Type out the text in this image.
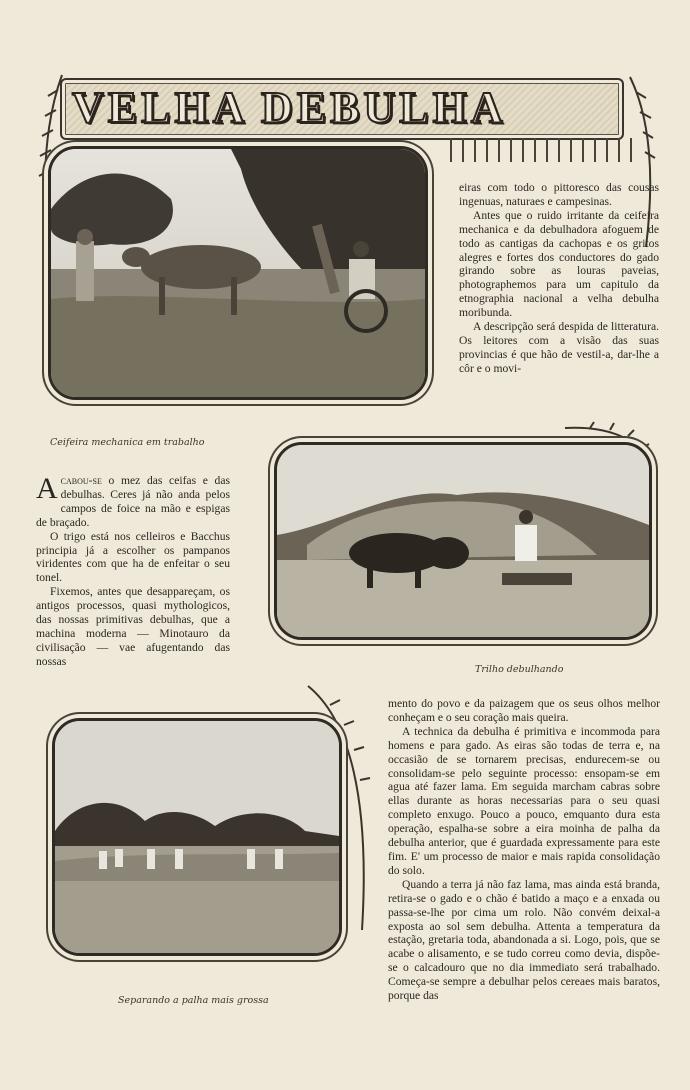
VELHA DEBULHA

Ceifeira mechanica em trabalho

eiras com todo o pittoresco das cousas ingenuas, naturaes e campesinas.

Antes que o ruido irritante da ceifeira mechanica e da debulhadora afoguem de todo as cantigas da cachopas e os gritos alegres e fortes dos conductores do gado girando sobre as louras paveias, photographemos para um capitulo da etnographia nacional a velha debulha moribunda.

A descripção será despida de litteratura. Os leitores com a visão das suas provincias é que hão de vestil-a, dar-lhe a côr e o movi-

Trilho debulhando

Acabou-se o mez das ceifas e das debulhas. Ceres já não anda pelos campos de foice na mão e espigas de braçado.

O trigo está nos celleiros e Bacchus principia já a escolher os pampanos viridentes com que ha de enfeitar o seu tonel.

Fixemos, antes que desappareçam, os antigos processos, quasi mythologicos, das nossas primitivas debulhas, que a machina moderna — Minotauro da civilisação — vae afugentando das nossas

Separando a palha mais grossa

mento do povo e da paizagem que os seus olhos melhor conheçam e o seu coração mais queira.

A technica da debulha é primitiva e incommoda para homens e para gado. As eiras são todas de terra e, na occasião de se tornarem precisas, endurecem-se ou consolidam-se pelo seguinte processo: ensopam-se em agua até fazer lama. Em seguida marcham cabras sobre ellas durante as horas necessarias para o seu quasi completo enxugo. Pouco a pouco, emquanto dura esta operação, espalha-se sobre a eira moinha de palha da debulha anterior, que é guardada expressamente para este fim. E' um processo de maior e mais rapida consolidação do solo.

Quando a terra já não faz lama, mas ainda está branda, retira-se o gado e o chão é batido a maço e a enxada ou passa-se-lhe por cima um rolo. Não convém deixal-a exposta ao sol sem debulha. Attenta a temperatura da estação, gretaria toda, abandonada a si. Logo, pois, que se acabe o alisamento, e se tudo correu como devia, dispõe-se o calcadouro que no dia immediato será trabalhado. Começa-se sempre a debulhar pelos cereaes mais baratos, porque das
